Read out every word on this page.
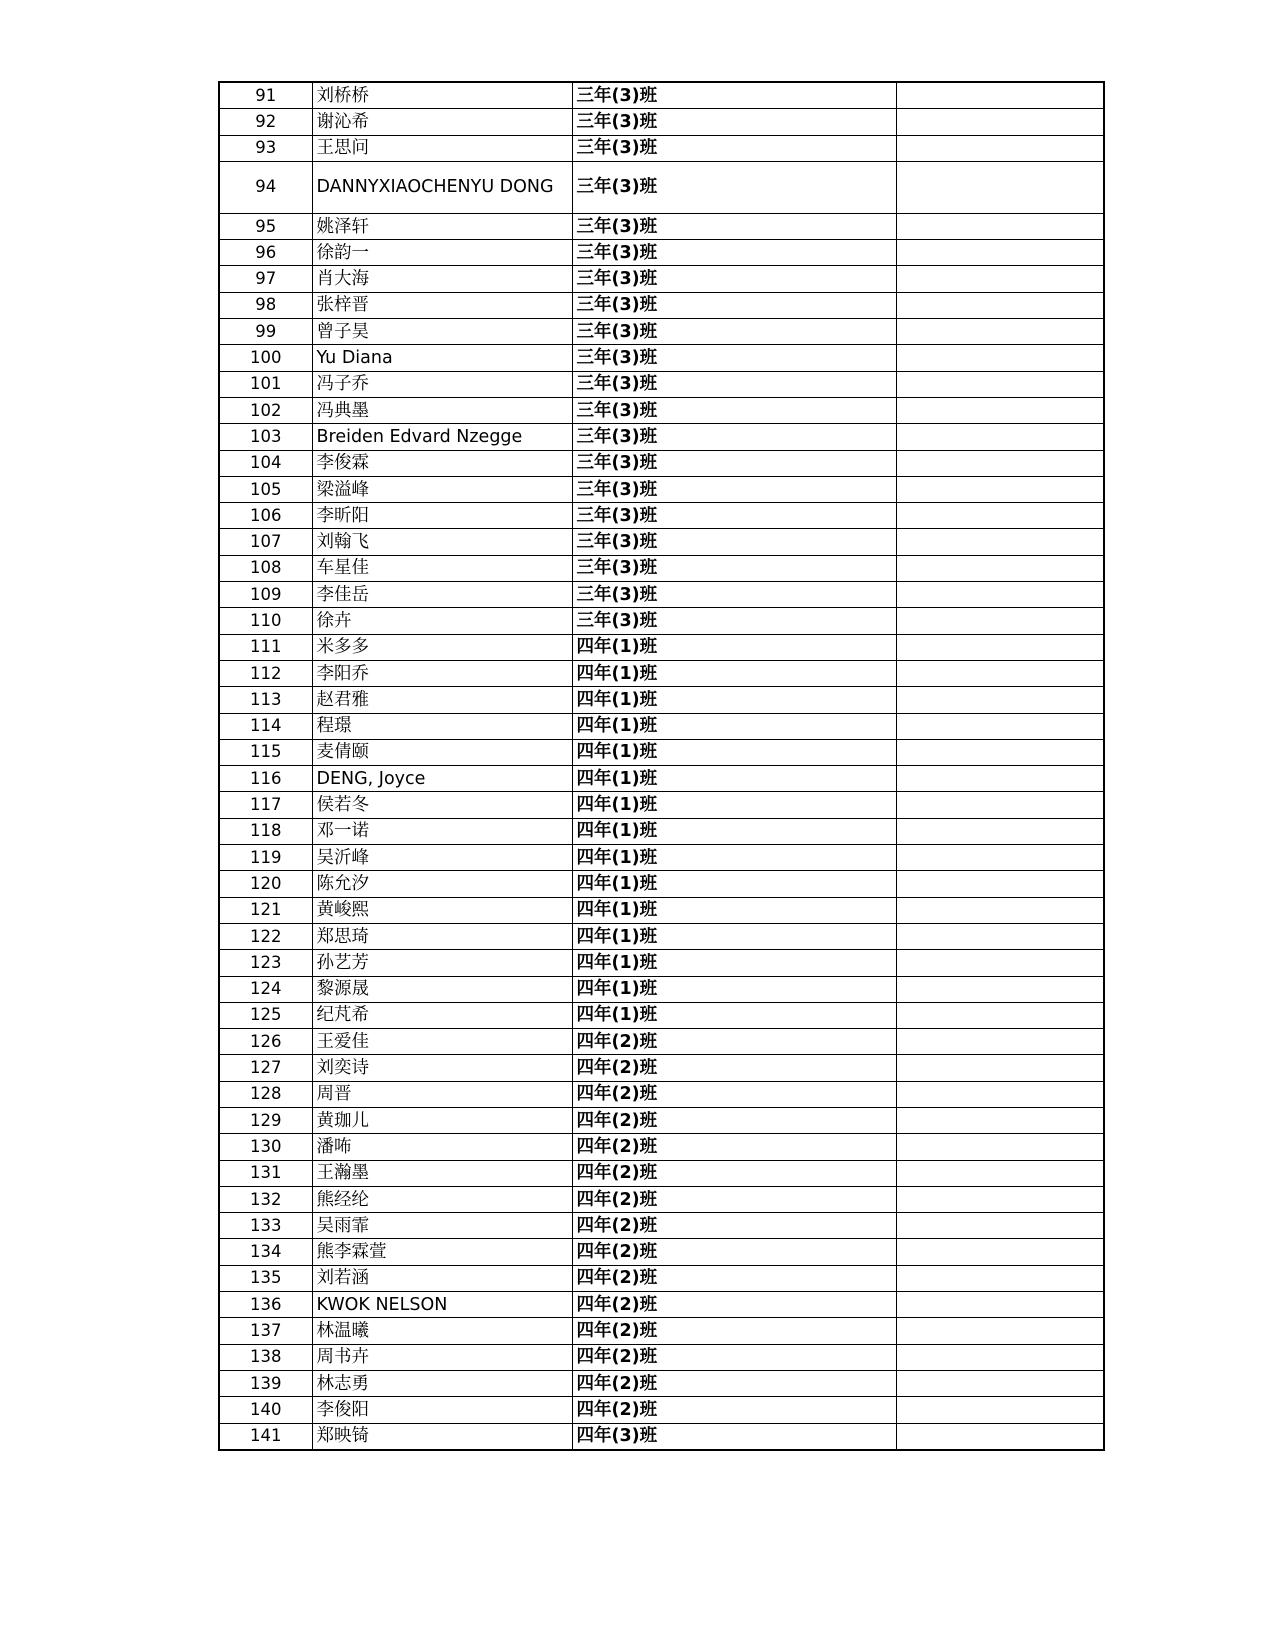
91	刘桥桥	三年(3)班	
92	谢沁希	三年(3)班	
93	王思问	三年(3)班	
94	DANNYXIAOCHENYU DONG	三年(3)班	
95	姚泽轩	三年(3)班	
96	徐韵一	三年(3)班	
97	肖大海	三年(3)班	
98	张梓晋	三年(3)班	
99	曾子昊	三年(3)班	
100	Yu Diana	三年(3)班	
101	冯子乔	三年(3)班	
102	冯典墨	三年(3)班	
103	Breiden Edvard Nzegge	三年(3)班	
104	李俊霖	三年(3)班	
105	梁溢峰	三年(3)班	
106	李昕阳	三年(3)班	
107	刘翰飞	三年(3)班	
108	车星佳	三年(3)班	
109	李佳岳	三年(3)班	
110	徐卉	三年(3)班	
111	米多多	四年(1)班	
112	李阳乔	四年(1)班	
113	赵君雅	四年(1)班	
114	程璟	四年(1)班	
115	麦倩颐	四年(1)班	
116	DENG, Joyce	四年(1)班	
117	侯若冬	四年(1)班	
118	邓一诺	四年(1)班	
119	吴沂峰	四年(1)班	
120	陈允汐	四年(1)班	
121	黄峻熙	四年(1)班	
122	郑思琦	四年(1)班	
123	孙艺芳	四年(1)班	
124	黎源晟	四年(1)班	
125	纪芃希	四年(1)班	
126	王爱佳	四年(2)班	
127	刘奕诗	四年(2)班	
128	周晋	四年(2)班	
129	黄珈儿	四年(2)班	
130	潘咘	四年(2)班	
131	王瀚墨	四年(2)班	
132	熊经纶	四年(2)班	
133	吴雨霏	四年(2)班	
134	熊李霖萱	四年(2)班	
135	刘若涵	四年(2)班	
136	KWOK NELSON	四年(2)班	
137	林温曦	四年(2)班	
138	周书卉	四年(2)班	
139	林志勇	四年(2)班	
140	李俊阳	四年(2)班	
141	郑映锜	四年(3)班	
